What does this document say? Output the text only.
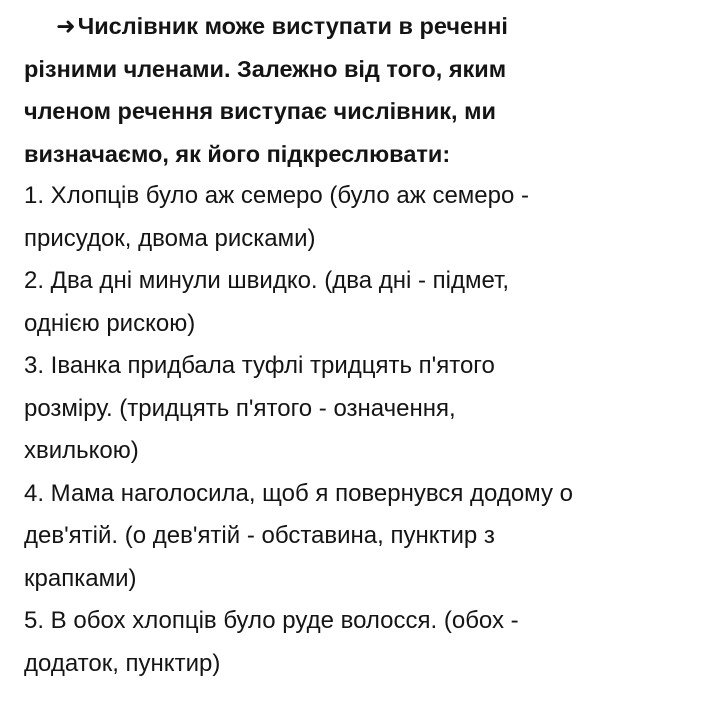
➜Числівник може виступати в реченні
різними членами. Залежно від того, яким
членом речення виступає числівник, ми
визначаємо, як його підкреслювати:
1. Хлопців було аж семеро (було аж семеро -
присудок, двома рисками)
2. Два дні минули швидко. (два дні - підмет,
однією рискою)
3. Іванка придбала туфлі тридцять п'ятого
розміру. (тридцять п'ятого - означення,
хвилькою)
4. Мама наголосила, щоб я повернувся додому о
дев'ятій. (о дев'ятій - обставина, пунктир з
крапками)
5. В обох хлопців було руде волосся. (обох -
додаток, пунктир)
